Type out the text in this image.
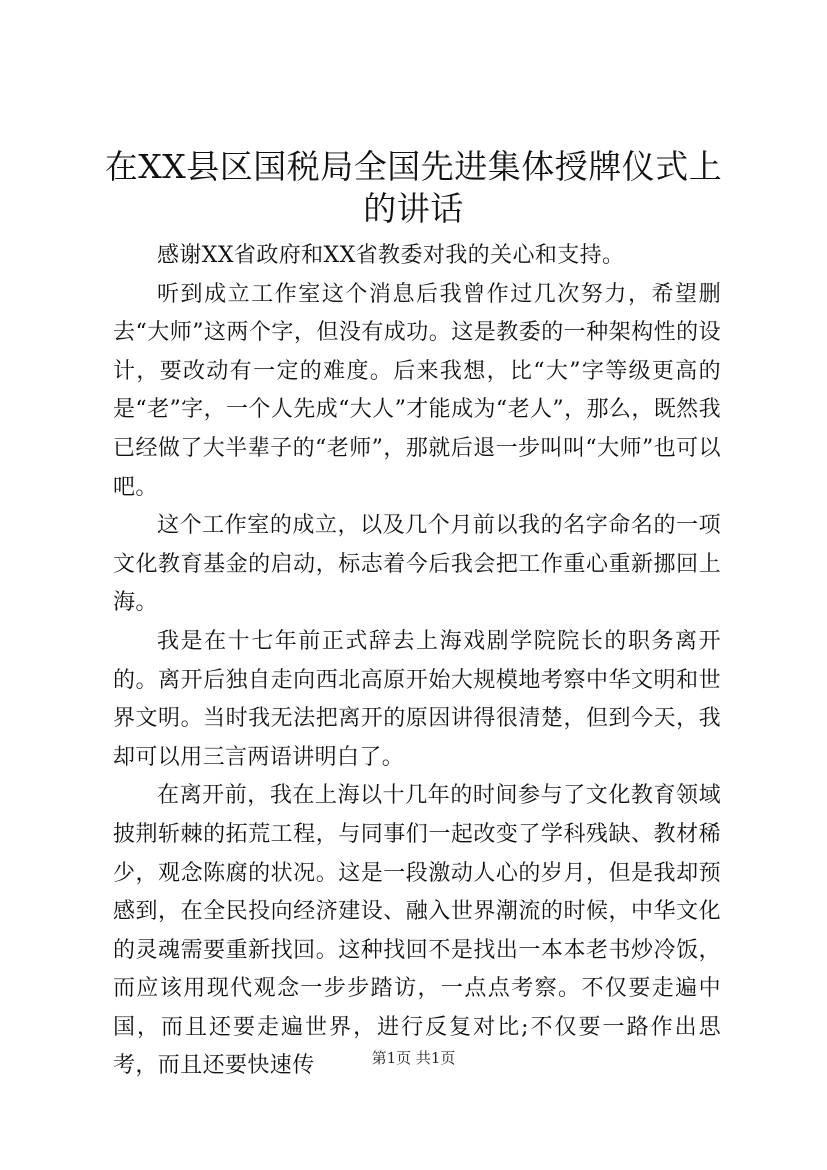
在XX县区国税局全国先进集体授牌仪式上的讲话

感谢XX省政府和XX省教委对我的关心和支持。

听到成立工作室这个消息后我曾作过几次努力，希望删去“大师”这两个字，但没有成功。这是教委的一种架构性的设计，要改动有一定的难度。后来我想，比“大”字等级更高的是“老”字，一个人先成“大人”才能成为“老人”，那么，既然我已经做了大半辈子的“老师”，那就后退一步叫叫“大师”也可以吧。

这个工作室的成立，以及几个月前以我的名字命名的一项文化教育基金的启动，标志着今后我会把工作重心重新挪回上海。

我是在十七年前正式辞去上海戏剧学院院长的职务离开的。离开后独自走向西北高原开始大规模地考察中华文明和世界文明。当时我无法把离开的原因讲得很清楚，但到今天，我却可以用三言两语讲明白了。

在离开前，我在上海以十几年的时间参与了文化教育领域披荆斩棘的拓荒工程，与同事们一起改变了学科残缺、教材稀少，观念陈腐的状况。这是一段激动人心的岁月，但是我却预感到，在全民投向经济建设、融入世界潮流的时候，中华文化的灵魂需要重新找回。这种找回不是找出一本本老书炒冷饭，而应该用现代观念一步步踏访，一点点考察。不仅要走遍中国，而且还要走遍世界，进行反复对比;不仅要一路作出思考，而且还要快速传	第1页 共1页
